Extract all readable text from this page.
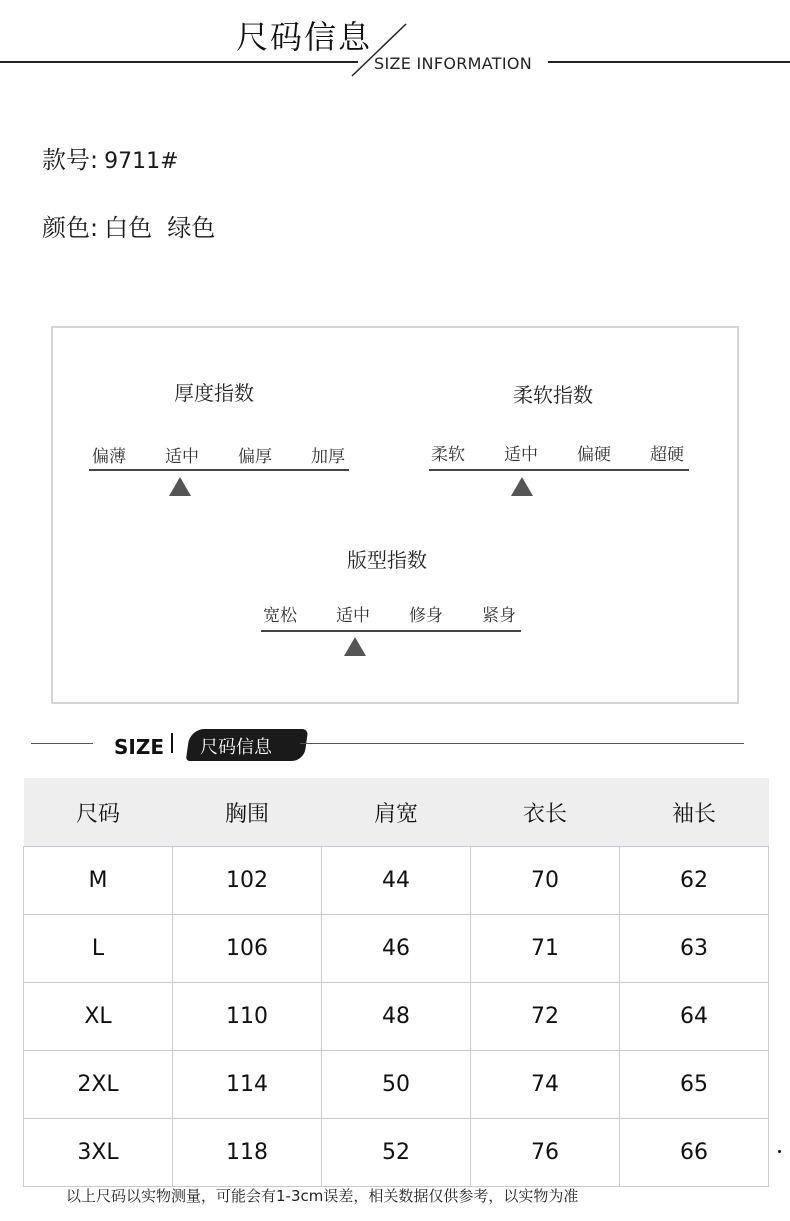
尺码信息
SIZE INFORMATION
款号: 9711#
颜色: 白色  绿色
厚度指数
偏薄	适中	偏厚	加厚
柔软指数
柔软	适中	偏硬	超硬
版型指数
宽松	适中	修身	紧身
SIZE 尺码信息
尺码	胸围	肩宽	衣长	袖长
M	102	44	70	62
L	106	46	71	63
XL	110	48	72	64
2XL	114	50	74	65
3XL	118	52	76	66
以上尺码以实物测量，可能会有1-3cm误差，相关数据仅供参考，以实物为准
